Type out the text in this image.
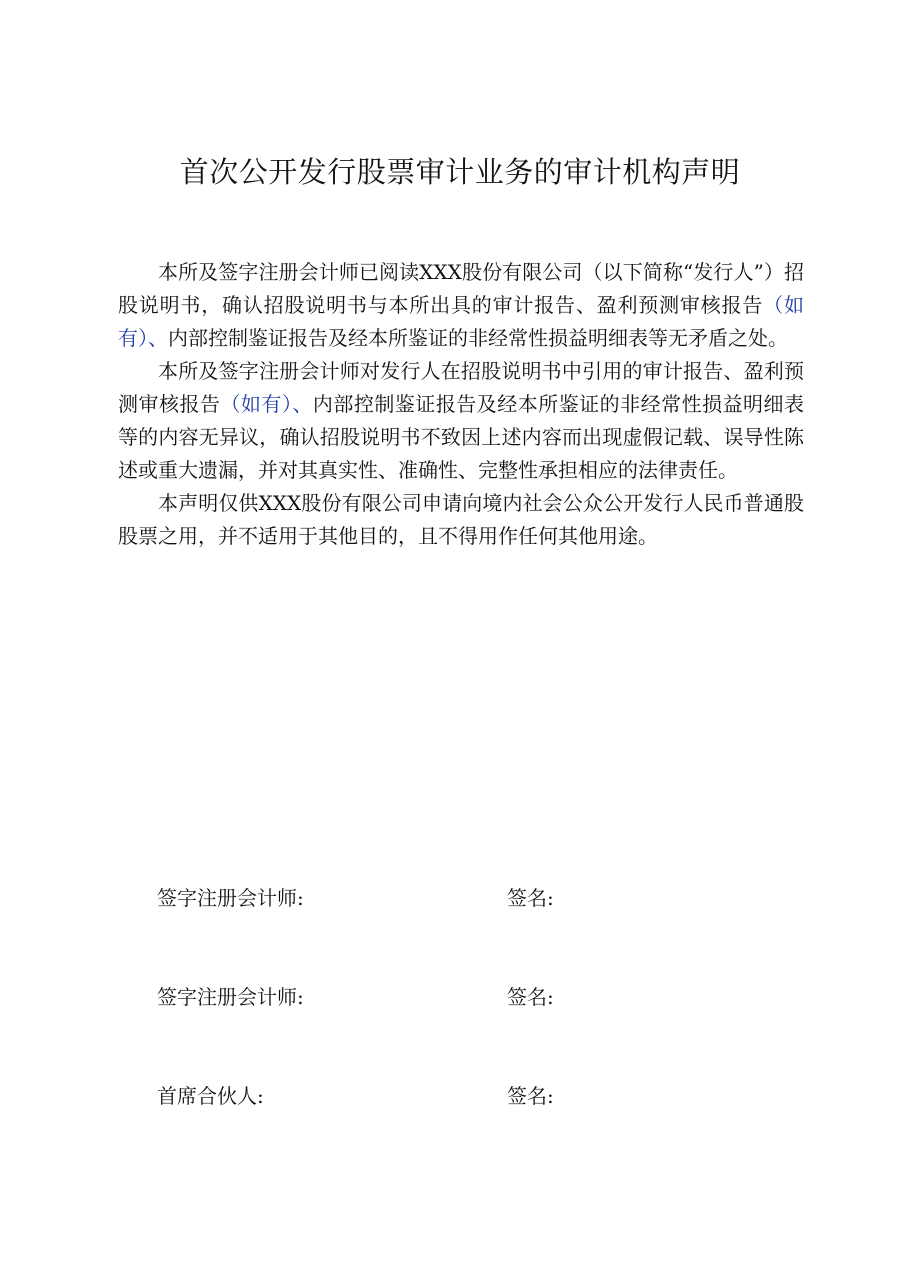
首次公开发行股票审计业务的审计机构声明

本所及签字注册会计师已阅读XXX股份有限公司（以下简称“发行人”）招股说明书，确认招股说明书与本所出具的审计报告、盈利预测审核报告（如有）、内部控制鉴证报告及经本所鉴证的非经常性损益明细表等无矛盾之处。

本所及签字注册会计师对发行人在招股说明书中引用的审计报告、盈利预测审核报告（如有）、内部控制鉴证报告及经本所鉴证的非经常性损益明细表等的内容无异议，确认招股说明书不致因上述内容而出现虚假记载、误导性陈述或重大遗漏，并对其真实性、准确性、完整性承担相应的法律责任。

本声明仅供XXX股份有限公司申请向境内社会公众公开发行人民币普通股股票之用，并不适用于其他目的，且不得用作任何其他用途。

签字注册会计师:	签名:
签字注册会计师:	签名:
首席合伙人:	签名:
